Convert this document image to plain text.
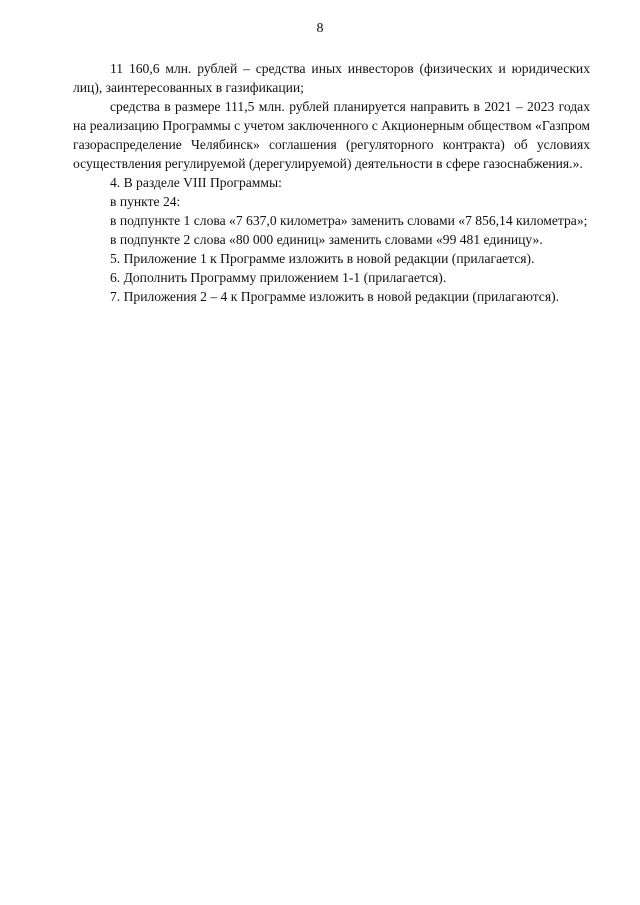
8

11 160,6 млн. рублей – средства иных инвесторов (физических и юридических лиц), заинтересованных в газификации;

средства в размере 111,5 млн. рублей планируется направить в 2021 – 2023 годах на реализацию Программы с учетом заключенного с Акционерным обществом «Газпром газораспределение Челябинск» соглашения (регуляторного контракта) об условиях осуществления регулируемой (дерегулируемой) деятельности в сфере газоснабжения.».

4. В разделе VIII Программы:

в пункте 24:

в подпункте 1 слова «7 637,0 километра» заменить словами «7 856,14 километра»;

в подпункте 2 слова «80 000 единиц» заменить словами «99 481 единицу».

5. Приложение 1 к Программе изложить в новой редакции (прилагается).

6. Дополнить Программу приложением 1-1 (прилагается).

7. Приложения 2 – 4 к Программе изложить в новой редакции (прилагаются).
